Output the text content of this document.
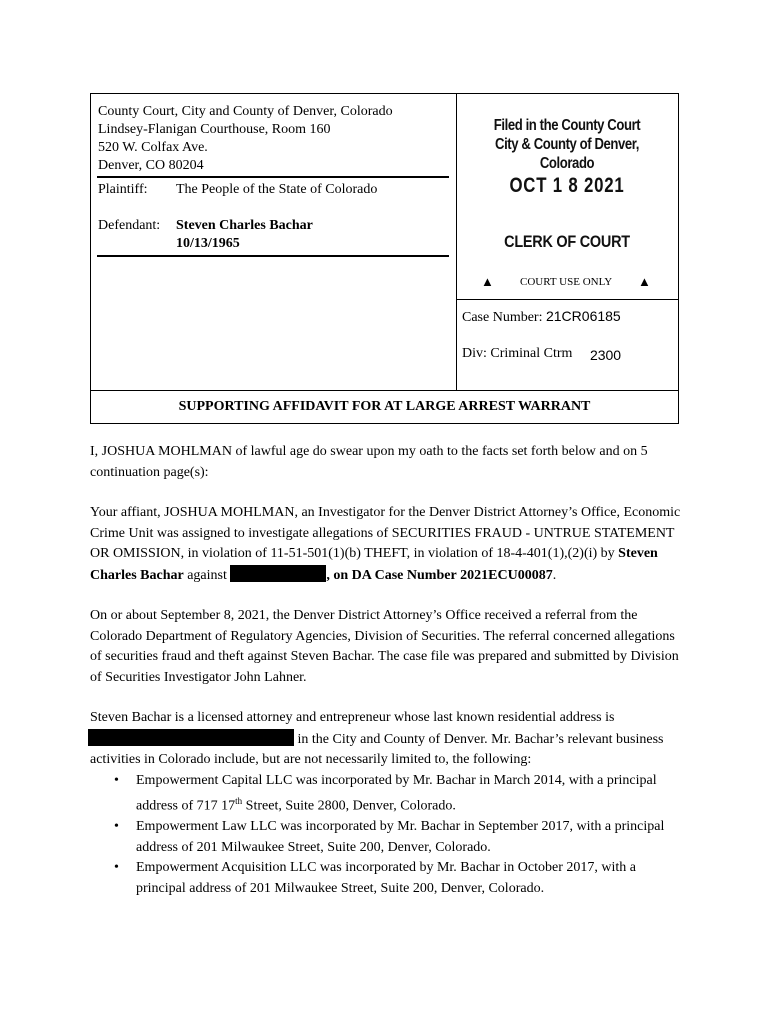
County Court, City and County of Denver, Colorado
Lindsey-Flanigan Courthouse, Room 160
520 W. Colfax Ave.
Denver, CO 80204
Plaintiff: The People of the State of Colorado
Defendant: Steven Charles Bachar
10/13/1965
Filed in the County Court
City & County of Denver, Colorado
OCT 1 8 2021
CLERK OF COURT
▲ COURT USE ONLY ▲
Case Number: 21CR06185
Div: Criminal Ctrm 2300
SUPPORTING AFFIDAVIT FOR AT LARGE ARREST WARRANT

I, JOSHUA MOHLMAN of lawful age do swear upon my oath to the facts set forth below and on 5 continuation page(s):

Your affiant, JOSHUA MOHLMAN, an Investigator for the Denver District Attorney’s Office, Economic Crime Unit was assigned to investigate allegations of SECURITIES FRAUD - UNTRUE STATEMENT OR OMISSION, in violation of 11-51-501(1)(b) THEFT, in violation of 18-4-401(1),(2)(i) by Steven Charles Bachar against	, on DA Case Number 2021ECU00087.

On or about September 8, 2021, the Denver District Attorney’s Office received a referral from the Colorado Department of Regulatory Agencies, Division of Securities. The referral concerned allegations of securities fraud and theft against Steven Bachar. The case file was prepared and submitted by Division of Securities Investigator John Lahner.

Steven Bachar is a licensed attorney and entrepreneur whose last known residential address is  in the City and County of Denver. Mr. Bachar’s relevant business activities in Colorado include, but are not necessarily limited to, the following:

• Empowerment Capital LLC was incorporated by Mr. Bachar in March 2014, with a principal address of 717 17th Street, Suite 2800, Denver, Colorado.
• Empowerment Law LLC was incorporated by Mr. Bachar in September 2017, with a principal address of 201 Milwaukee Street, Suite 200, Denver, Colorado.
• Empowerment Acquisition LLC was incorporated by Mr. Bachar in October 2017, with a principal address of 201 Milwaukee Street, Suite 200, Denver, Colorado.
